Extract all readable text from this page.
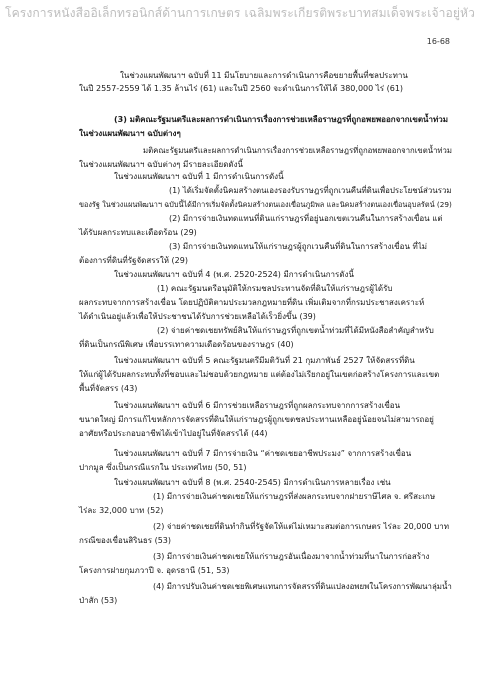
โครงการหนังสืออิเล็กทรอนิกส์ด้านการเกษตร เฉลิมพระเกียรติพระบาทสมเด็จพระเจ้าอยู่หัว
16-68
ในช่วงแผนพัฒนาฯ ฉบับที่ 11 มีนโยบายและการดำเนินการคือขยายพื้นที่ชลประทาน
ในปี 2557-2559 ได้ 1.35 ล้านไร่ (61) และในปี 2560 จะดำเนินการให้ได้ 380,000 ไร่ (61)
(3) มติคณะรัฐมนตรีและผลการดำเนินการเรื่องการช่วยเหลือราษฎรที่ถูกอพยพออกจากเขตน้ำท่วม
ในช่วงแผนพัฒนาฯ ฉบับต่างๆ
มติคณะรัฐมนตรีและผลการดำเนินการเรื่องการช่วยเหลือราษฎรที่ถูกอพยพออกจากเขตน้ำท่วม
ในช่วงแผนพัฒนาฯ ฉบับต่างๆ มีรายละเอียดดังนี้
ในช่วงแผนพัฒนาฯ ฉบับที่ 1 มีการดำเนินการดังนี้
(1) ได้เริ่มจัดตั้งนิคมสร้างตนเองรองรับราษฎรที่ถูกเวนคืนที่ดินเพื่อประโยชน์ส่วนรวม
ของรัฐ ในช่วงแผนพัฒนาฯ ฉบับนี้ได้มีการเริ่มจัดตั้งนิคมสร้างตนเองเขื่อนภูมิพล และนิคมสร้างตนเองเขื่อนอุบลรัตน์ (29)
(2) มีการจ่ายเงินทดแทนที่ดินแก่ราษฎรที่อยู่นอกเขตเวนคืนในการสร้างเขื่อน แต่
ได้รับผลกระทบและเดือดร้อน (29)
(3) มีการจ่ายเงินทดแทนให้แก่ราษฎรผู้ถูกเวนคืนที่ดินในการสร้างเขื่อน ที่ไม่
ต้องการที่ดินที่รัฐจัดสรรให้ (29)
ในช่วงแผนพัฒนาฯ ฉบับที่ 4 (พ.ศ. 2520-2524) มีการดำเนินการดังนี้
(1) คณะรัฐมนตรีอนุมัติให้กรมชลประทานจัดที่ดินให้แก่ราษฎรผู้ได้รับ
ผลกระทบจากการสร้างเขื่อน โดยปฏิบัติตามประมวลกฎหมายที่ดิน เพิ่มเติมจากที่กรมประชาสงเคราะห์
ได้ดำเนินอยู่แล้วเพื่อให้ประชาชนได้รับการช่วยเหลือได้เร็วยิ่งขึ้น (39)
(2) จ่ายค่าชดเชยทรัพย์สินให้แก่ราษฎรที่ถูกเขตน้ำท่วมที่ได้มีหนังสือสำคัญสำหรับ
ที่ดินเป็นกรณีพิเศษ เพื่อบรรเทาความเดือดร้อนของราษฎร (40)
ในช่วงแผนพัฒนาฯ ฉบับที่ 5 คณะรัฐมนตรีมีมติวันที่ 21 กุมภาพันธ์ 2527 ให้จัดสรรที่ดิน
ให้แก่ผู้ได้รับผลกระทบทั้งที่ชอบและไม่ชอบด้วยกฎหมาย แต่ต้องไม่เรียกอยู่ในเขตก่อสร้างโครงการและเขต
พื้นที่จัดสรร (43)
ในช่วงแผนพัฒนาฯ ฉบับที่ 6 มีการช่วยเหลือราษฎรที่ถูกผลกระทบจากการสร้างเขื่อน
ขนาดใหญ่ มีการแก้ไขหลักการจัดสรรที่ดินให้แก่ราษฎรผู้ถูกเขตชลประทานเหลืออยู่น้อยจนไม่สามารถอยู่
อาศัยหรือประกอบอาชีพได้เข้าไปอยู่ในที่จัดสรรได้ (44)
ในช่วงแผนพัฒนาฯ ฉบับที่ 7 มีการจ่ายเงิน “ค่าชดเชยอาชีพประมง” จากการสร้างเขื่อน
ปากมูล ซึ่งเป็นกรณีแรกใน ประเทศไทย (50, 51)
ในช่วงแผนพัฒนาฯ ฉบับที่ 8 (พ.ศ. 2540-2545) มีการดำเนินการหลายเรื่อง เช่น
(1) มีการจ่ายเงินค่าชดเชยให้แก่ราษฎรที่ส่งผลกระทบจากฝายราษีไศล จ. ศรีสะเกษ
ไร่ละ 32,000 บาท (52)
(2) จ่ายค่าชดเชยที่ดินทำกินที่รัฐจัดให้แต่ไม่เหมาะสมต่อการเกษตร ไร่ละ 20,000 บาท
กรณีของเขื่อนสิรินธร (53)
(3) มีการจ่ายเงินค่าชดเชยให้แก่ราษฎรอันเนื่องมาจากน้ำท่วมที่นาในการก่อสร้าง
โครงการฝายกุมภวาปี จ. อุดรธานี (51, 53)
(4) มีการปรับเงินค่าชดเชยพิเศษแทนการจัดสรรที่ดินแปลงอพยพในโครงการพัฒนาลุ่มน้ำ
ป่าสัก (53)
